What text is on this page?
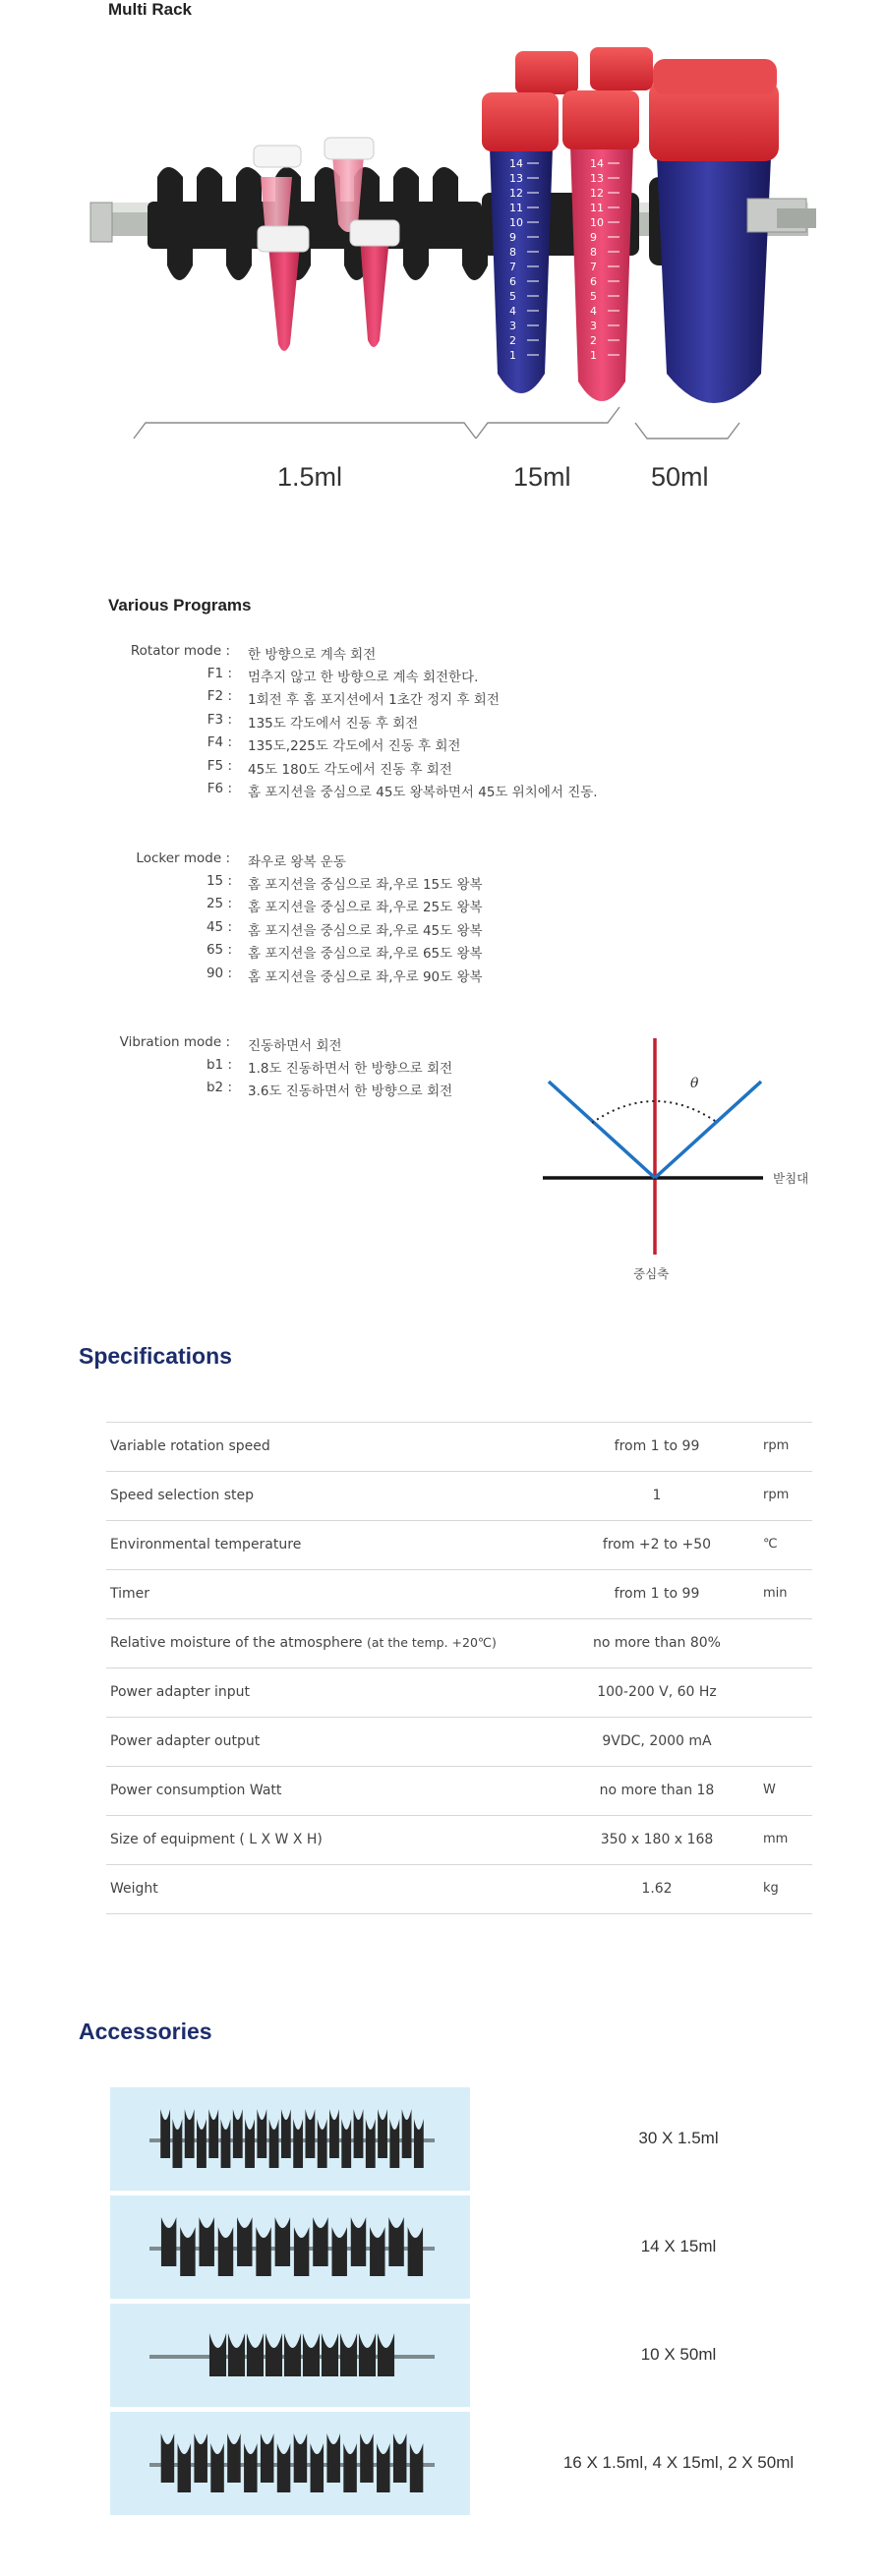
Multi Rack
14
13
12
11
10
9
8
7
6
5
4
3
2
1
14
13
12
11
10
9
8
7
6
5
4
3
2
1
1.5ml	15ml	50ml
Various Programs
Rotator mode : 한 방향으로 계속 회전
F1 : 멈추지 않고 한 방향으로 계속 회전한다.
F2 : 1회전 후 홈 포지션에서 1초간 정지 후 회전
F3 : 135도 각도에서 진동 후 회전
F4 : 135도,225도 각도에서 진동 후 회전
F5 : 45도 180도 각도에서 진동 후 회전
F6 : 홈 포지션을 중심으로 45도 왕복하면서 45도 위치에서 진동.
Locker mode : 좌우로 왕복 운동
15 : 홈 포지션을 중심으로 좌,우로 15도 왕복
25 : 홈 포지션을 중심으로 좌,우로 25도 왕복
45 : 홈 포지션을 중심으로 좌,우로 45도 왕복
65 : 홈 포지션을 중심으로 좌,우로 65도 왕복
90 : 홈 포지션을 중심으로 좌,우로 90도 왕복
Vibration mode : 진동하면서 회전
b1 : 1.8도 진동하면서 한 방향으로 회전
b2 : 3.6도 진동하면서 한 방향으로 회전
θ
받침대
중심축
Specifications
Variable rotation speed	from 1 to 99	rpm
Speed selection step	1	rpm
Environmental temperature	from +2 to +50	℃
Timer	from 1 to 99	min
Relative moisture of the atmosphere (at the temp. +20℃)	no more than 80%
Power adapter input	100-200 V, 60 Hz
Power adapter output	9VDC, 2000 mA
Power consumption Watt	no more than 18	W
Size of equipment ( L X W X H)	350 x 180 x 168	mm
Weight	1.62	kg
Accessories
30 X 1.5ml
14 X 15ml
10 X 50ml
16 X 1.5ml, 4 X 15ml, 2 X 50ml
